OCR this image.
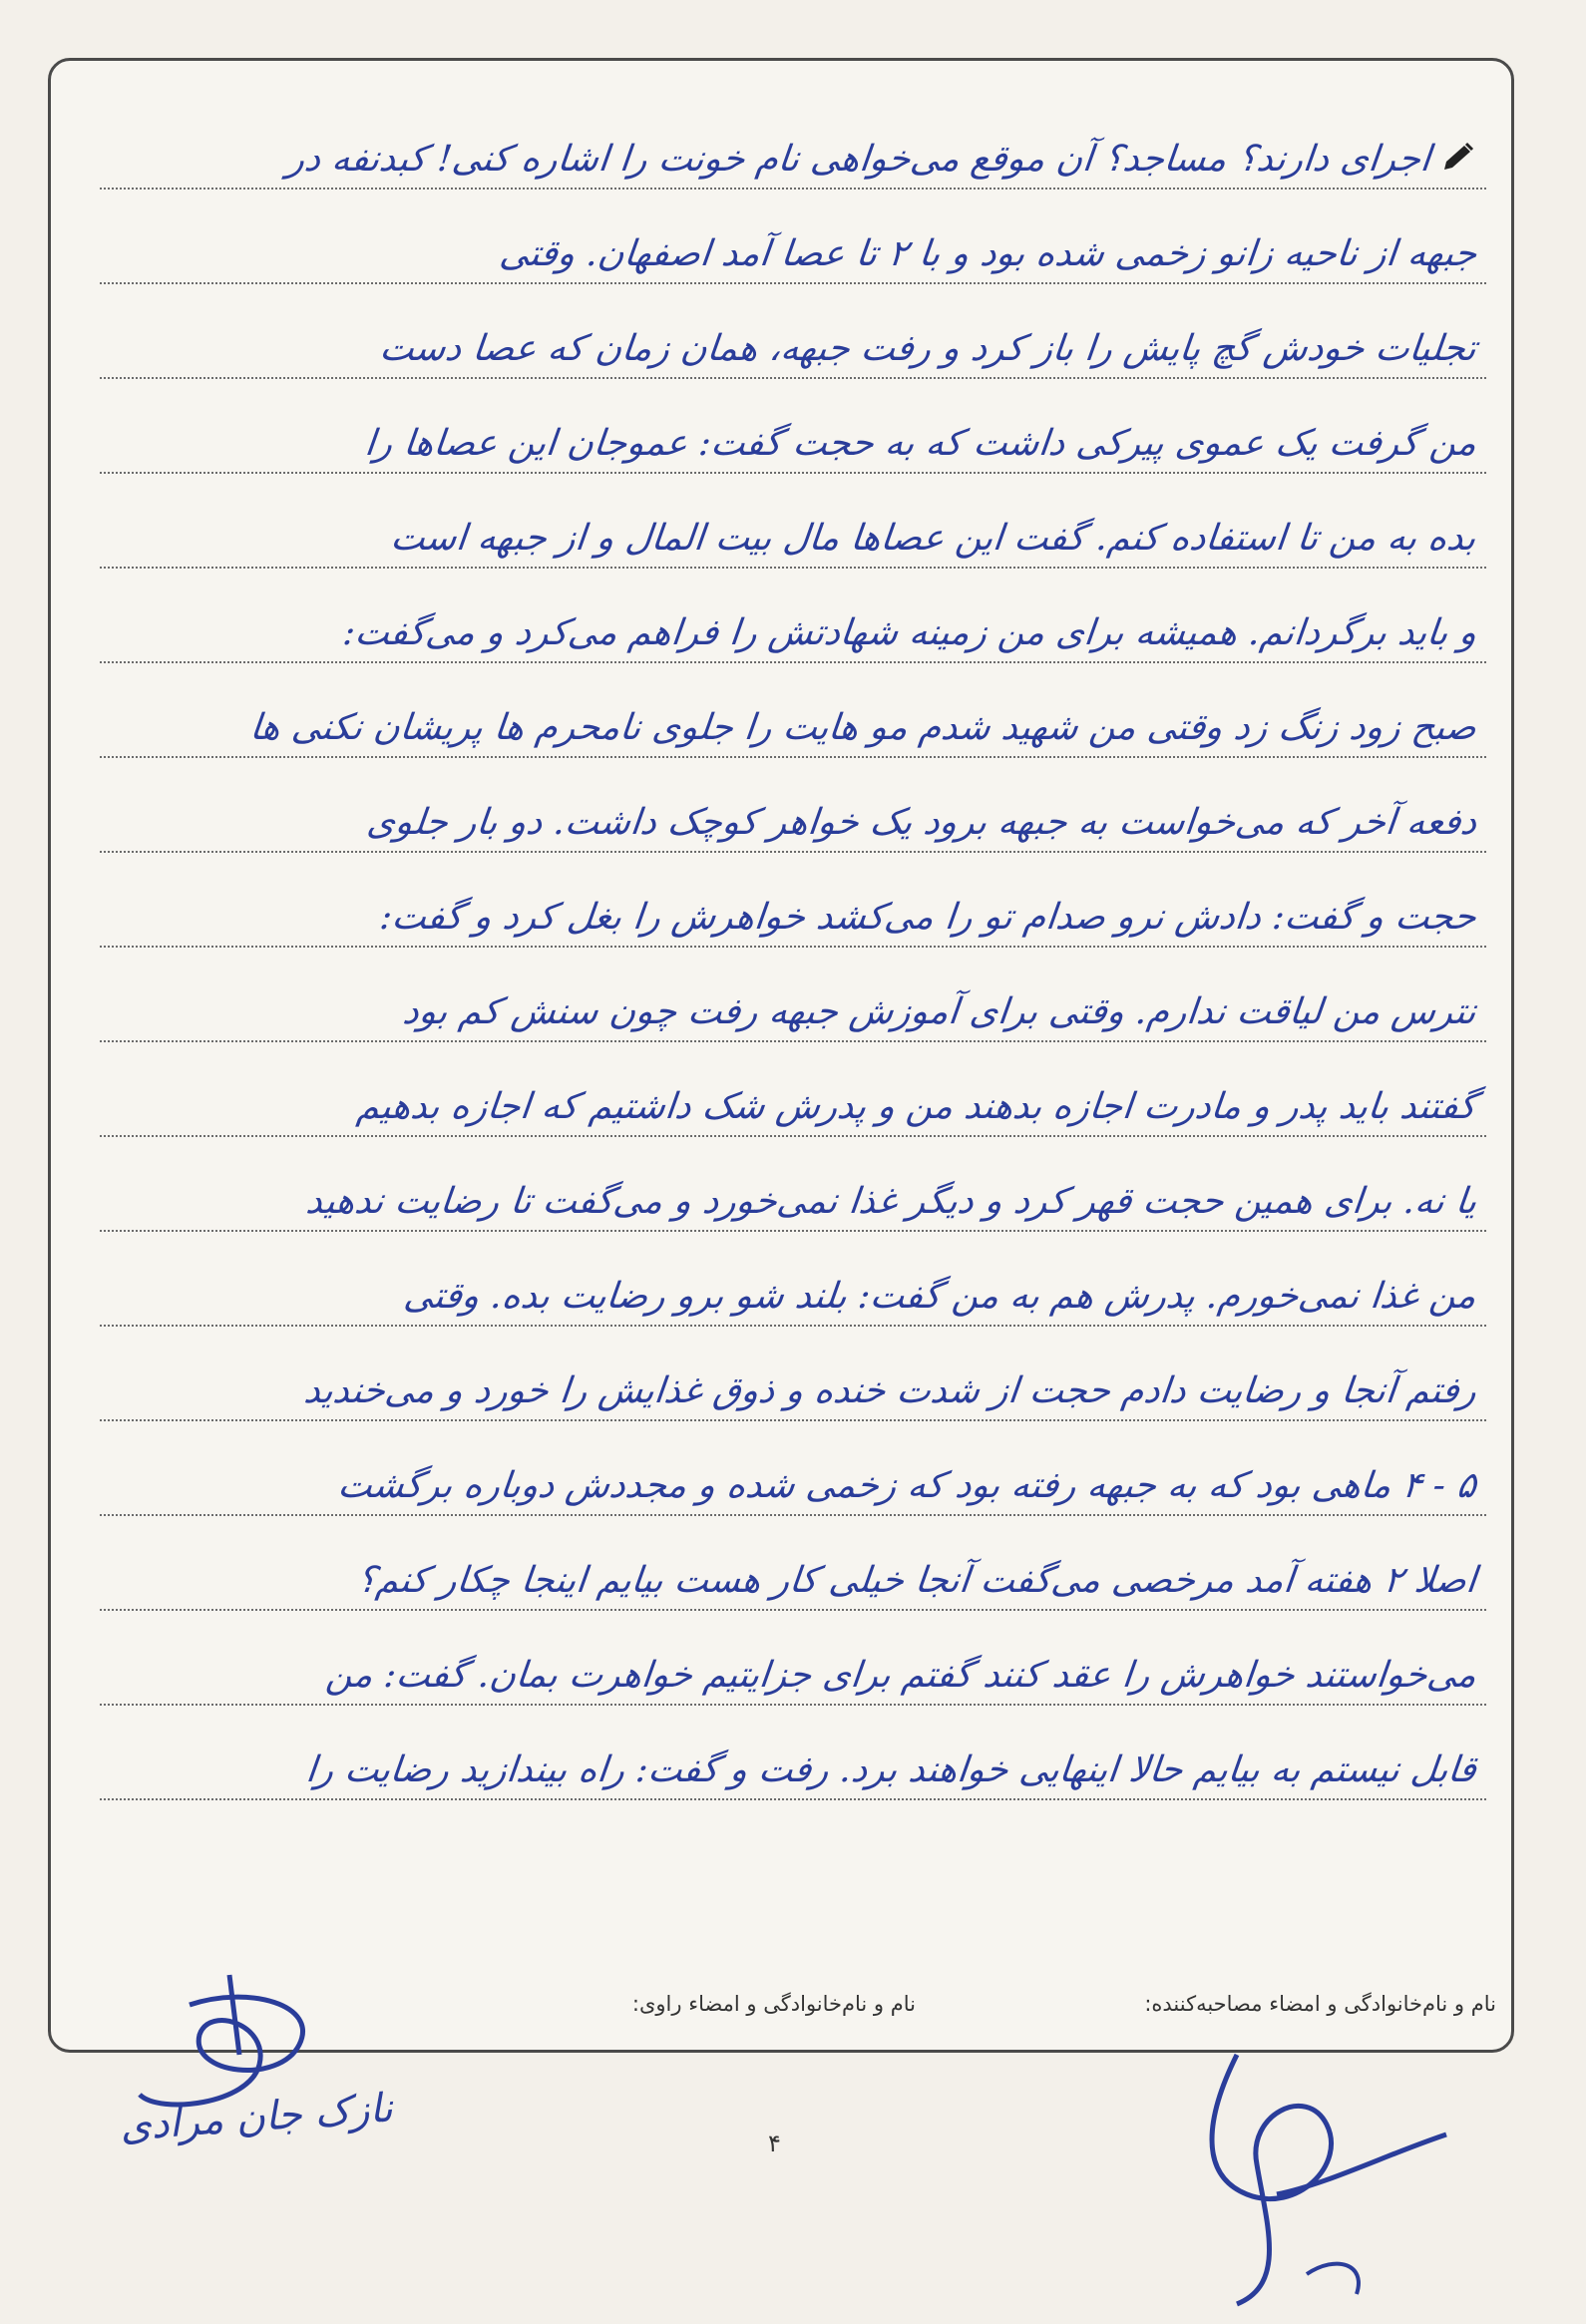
اجرای دارند؟ مساجد؟ آن موقع می‌خواهی نام خونت را اشاره کنی! کبدنفه در
جبهه از ناحیه زانو زخمی شده بود و با ۲ تا عصا آمد اصفهان. وقتی
تجلیات خودش گچ پایش را باز کرد و رفت جبهه، همان زمان که عصا دست
من گرفت یک عموی پیرکی داشت که به حجت گفت: عموجان این عصاها را
بده به من تا استفاده کنم. گفت این عصاها مال بیت المال و از جبهه است
و باید برگردانم. همیشه برای من زمینه شهادتش را فراهم می‌کرد و می‌گفت:
صبح زود زنگ زد وقتی من شهید شدم مو هایت را جلوی نامحرم ها پریشان نکنی ها
دفعه آخر که می‌خواست به جبهه برود یک خواهر کوچک داشت. دو بار جلوی
حجت و گفت: دادش نرو صدام تو را می‌کشد خواهرش را بغل کرد و گفت:
نترس من لیاقت ندارم. وقتی برای آموزش جبهه رفت چون سنش کم بود
گفتند باید پدر و مادرت اجازه بدهند من و پدرش شک داشتیم که اجازه بدهیم
یا نه. برای همین حجت قهر کرد و دیگر غذا نمی‌خورد و می‌گفت تا رضایت ندهید
من غذا نمی‌خورم. پدرش هم به من گفت: بلند شو برو رضایت بده. وقتی
رفتم آنجا و رضایت دادم حجت از شدت خنده و ذوق غذایش را خورد و می‌خندید
۵ - ۴ ماهی بود که به جبهه رفته بود که زخمی شده و مجددش دوباره برگشت
اصلا ۲ هفته آمد مرخصی می‌گفت آنجا خیلی کار هست بیایم اینجا چکار کنم؟
می‌خواستند خواهرش را عقد کنند گفتم برای جزایتیم خواهرت بمان. گفت: من
قابل نیستم به بیایم حالا اینهایی خواهند برد. رفت و گفت: راه بیندازید رضایت را
نام و نام‌خانوادگی و امضاء مصاحبه‌کننده:
نام و نام‌خانوادگی و امضاء راوی:
نازک جان مرادی	۴
